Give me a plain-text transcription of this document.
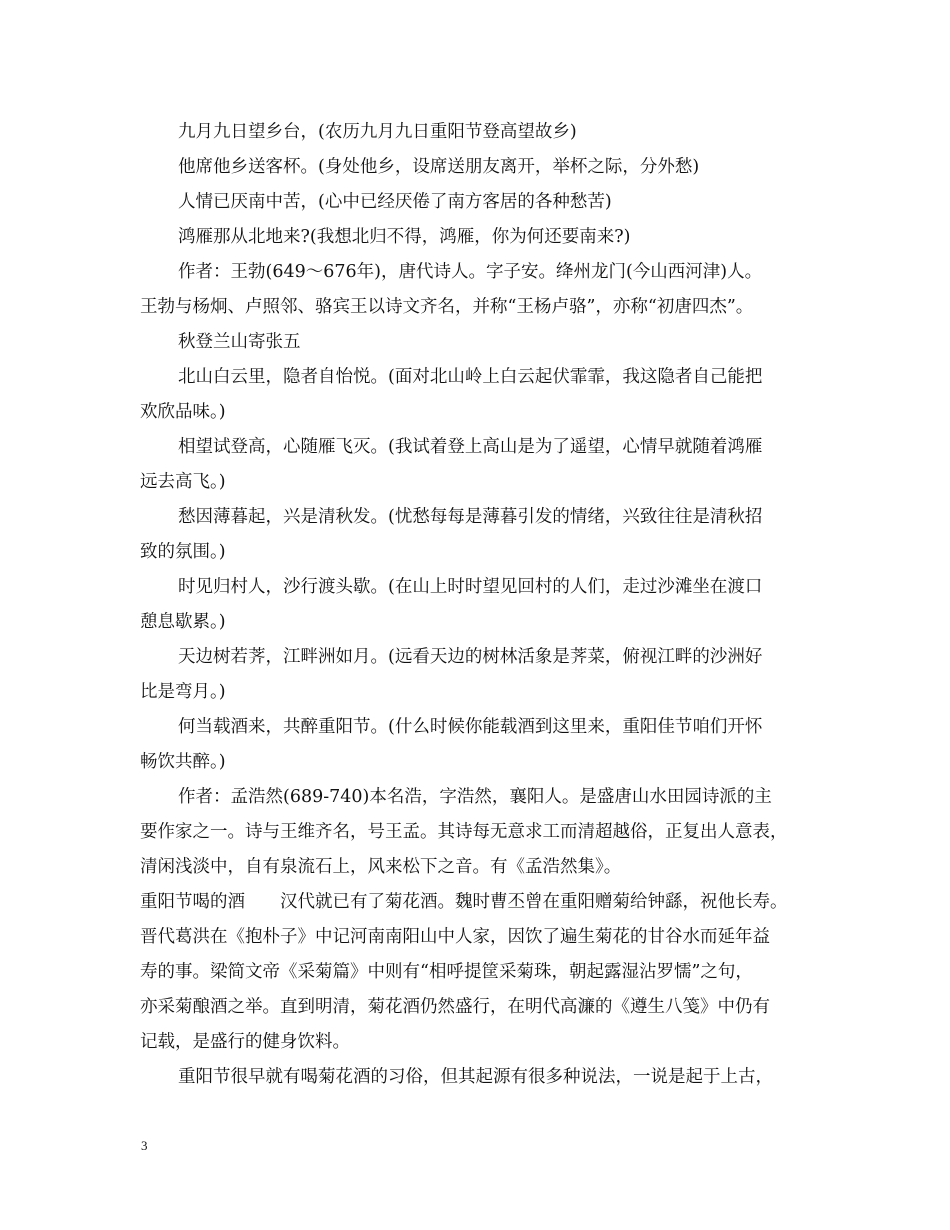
九月九日望乡台，(农历九月九日重阳节登高望故乡)
他席他乡送客杯。(身处他乡，设席送朋友离开，举杯之际，分外愁)
人情已厌南中苦，(心中已经厌倦了南方客居的各种愁苦)
鸿雁那从北地来?(我想北归不得，鸿雁，你为何还要南来?)
作者：王勃(649～676年)，唐代诗人。字子安。绛州龙门(今山西河津)人。
王勃与杨炯、卢照邻、骆宾王以诗文齐名，并称“王杨卢骆”，亦称“初唐四杰”。
秋登兰山寄张五
北山白云里，隐者自怡悦。(面对北山岭上白云起伏霏霏，我这隐者自己能把
欢欣品味。)
相望试登高，心随雁飞灭。(我试着登上高山是为了遥望，心情早就随着鸿雁
远去高飞。)
愁因薄暮起，兴是清秋发。(忧愁每每是薄暮引发的情绪，兴致往往是清秋招
致的氛围。)
时见归村人，沙行渡头歇。(在山上时时望见回村的人们，走过沙滩坐在渡口
憩息歇累。)
天边树若荠，江畔洲如月。(远看天边的树林活象是荠菜，俯视江畔的沙洲好
比是弯月。)
何当载酒来，共醉重阳节。(什么时候你能载酒到这里来，重阳佳节咱们开怀
畅饮共醉。)
作者：孟浩然(689-740)本名浩，字浩然，襄阳人。是盛唐山水田园诗派的主
要作家之一。诗与王维齐名，号王孟。其诗每无意求工而清超越俗，正复出人意表，
清闲浅淡中，自有泉流石上，风来松下之音。有《孟浩然集》。
重阳节喝的酒　　汉代就已有了菊花酒。魏时曹丕曾在重阳赠菊给钟繇，祝他长寿。
晋代葛洪在《抱朴子》中记河南南阳山中人家，因饮了遍生菊花的甘谷水而延年益
寿的事。梁简文帝《采菊篇》中则有“相呼提筐采菊珠，朝起露湿沾罗懦”之句，
亦采菊酿酒之举。直到明清，菊花酒仍然盛行，在明代高濂的《遵生八笺》中仍有
记载，是盛行的健身饮料。
重阳节很早就有喝菊花酒的习俗，但其起源有很多种说法，一说是起于上古，
3
